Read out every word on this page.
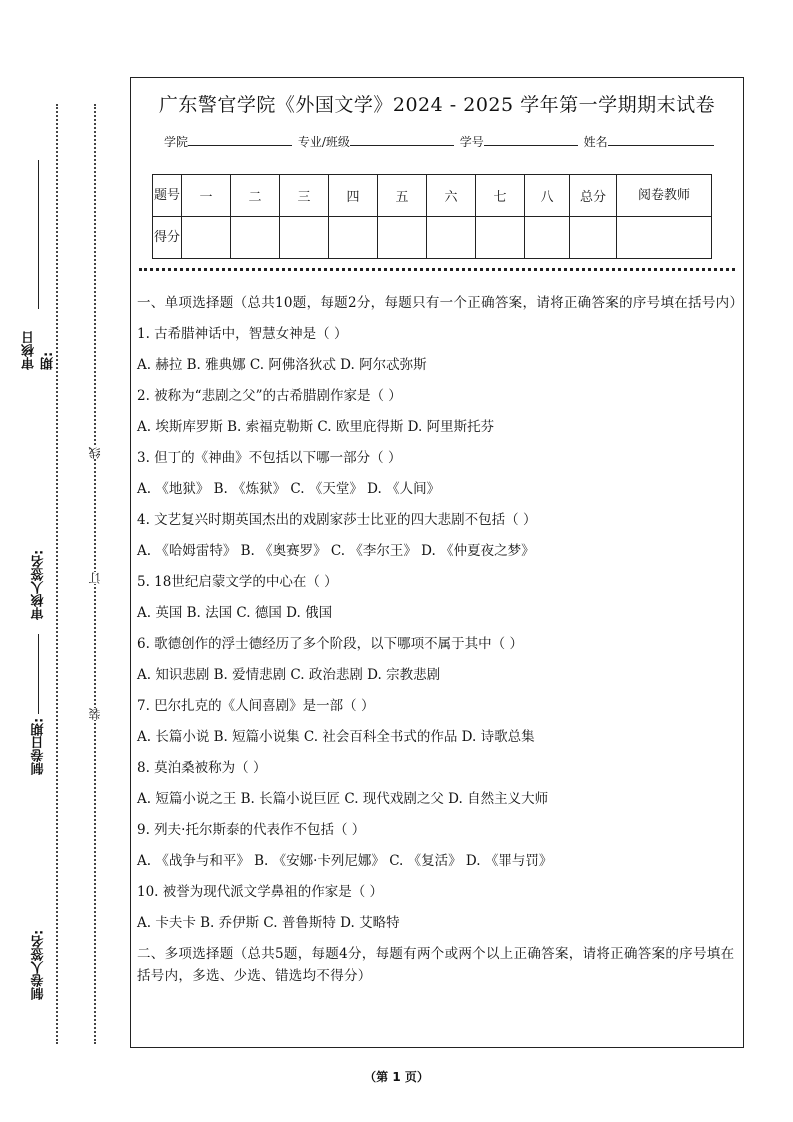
审核日期:
审核人签名:
制卷日期:
制卷人签名:
线
订
装
广东警官学院《外国文学》2024 - 2025 学年第一学期期末试卷
学院	专业/班级	学号	姓名
题号	一	二	三	四	五	六	七	八	总分	阅卷教师
得分										
一、单项选择题（总共10题，每题2分，每题只有一个正确答案，请将正确答案的序号填在括号内）
1. 古希腊神话中，智慧女神是（ ）
A. 赫拉 B. 雅典娜 C. 阿佛洛狄忒 D. 阿尔忒弥斯
2. 被称为“悲剧之父”的古希腊剧作家是（ ）
A. 埃斯库罗斯 B. 索福克勒斯 C. 欧里庇得斯 D. 阿里斯托芬
3. 但丁的《神曲》不包括以下哪一部分（ ）
A. 《地狱》 B. 《炼狱》 C. 《天堂》 D. 《人间》
4. 文艺复兴时期英国杰出的戏剧家莎士比亚的四大悲剧不包括（ ）
A. 《哈姆雷特》 B. 《奥赛罗》 C. 《李尔王》 D. 《仲夏夜之梦》
5. 18世纪启蒙文学的中心在（ ）
A. 英国 B. 法国 C. 德国 D. 俄国
6. 歌德创作的浮士德经历了多个阶段，以下哪项不属于其中（ ）
A. 知识悲剧 B. 爱情悲剧 C. 政治悲剧 D. 宗教悲剧
7. 巴尔扎克的《人间喜剧》是一部（ ）
A. 长篇小说 B. 短篇小说集 C. 社会百科全书式的作品 D. 诗歌总集
8. 莫泊桑被称为（ ）
A. 短篇小说之王 B. 长篇小说巨匠 C. 现代戏剧之父 D. 自然主义大师
9. 列夫·托尔斯泰的代表作不包括（ ）
A. 《战争与和平》 B. 《安娜·卡列尼娜》 C. 《复活》 D. 《罪与罚》
10. 被誉为现代派文学鼻祖的作家是（ ）
A. 卡夫卡 B. 乔伊斯 C. 普鲁斯特 D. 艾略特
二、多项选择题（总共5题，每题4分，每题有两个或两个以上正确答案，请将正确答案的序号填在括号内，多选、少选、错选均不得分）
（第 1 页）
